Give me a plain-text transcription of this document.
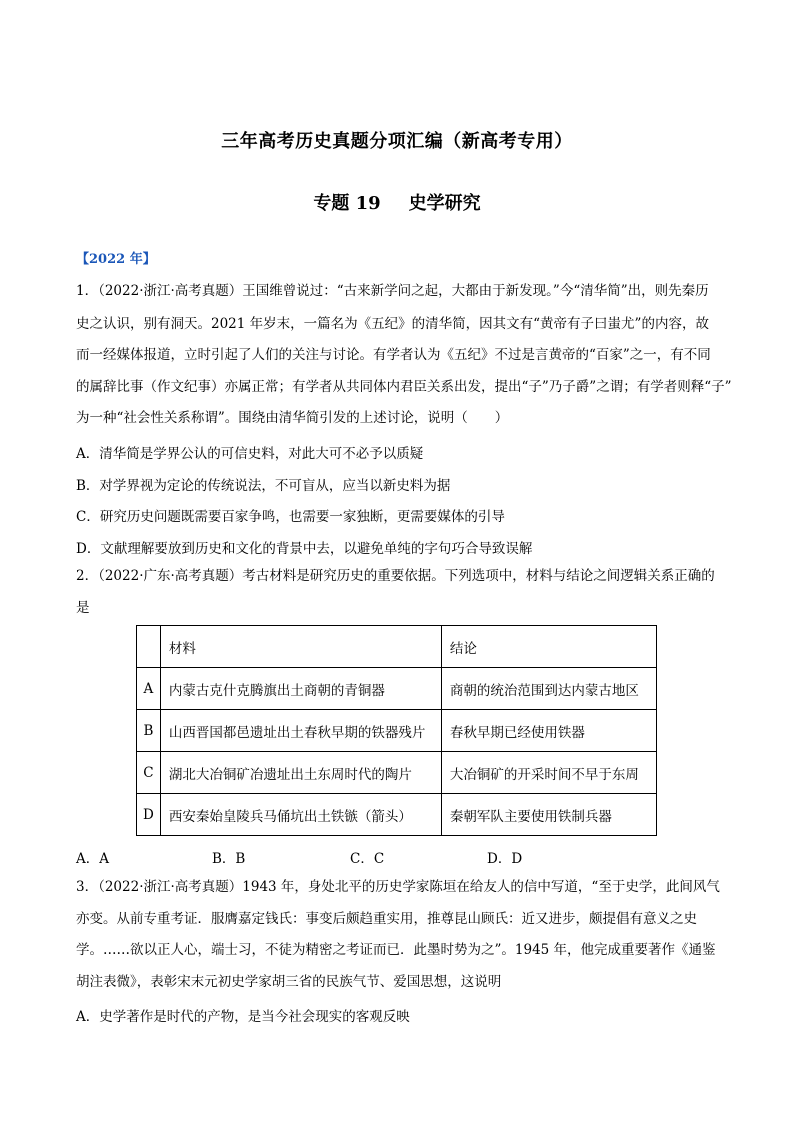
三年高考历史真题分项汇编（新高考专用）
专题 19 史学研究
【2022 年】
1．（2022·浙江·高考真题）王国维曾说过：“古来新学问之起，大都由于新发现。”今“清华简”出，则先秦历
史之认识，别有洞天。2021 年岁末，一篇名为《五纪》的清华简，因其文有“黄帝有子曰蚩尤”的内容，故
而一经媒体报道，立时引起了人们的关注与讨论。有学者认为《五纪》不过是言黄帝的“百家”之一，有不同
的属辞比事（作文纪事）亦属正常；有学者从共同体内君臣关系出发，提出“子”乃子爵”之谓；有学者则释“子”
为一种“社会性关系称谓”。围绕由清华简引发的上述讨论，说明（　　）
A．清华简是学界公认的可信史料，对此大可不必予以质疑
B．对学界视为定论的传统说法，不可盲从，应当以新史料为据
C．研究历史问题既需要百家争鸣，也需要一家独断，更需要媒体的引导
D．文献理解要放到历史和文化的背景中去，以避免单纯的字句巧合导致误解
2．（2022·广东·高考真题）考古材料是研究历史的重要依据。下列选项中，材料与结论之间逻辑关系正确的
是
	材料	结论
A	内蒙古克什克腾旗出土商朝的青铜器	商朝的统治范围到达内蒙古地区
B	山西晋国都邑遗址出土春秋早期的铁器残片	春秋早期已经使用铁器
C	湖北大冶铜矿冶遗址出土东周时代的陶片	大冶铜矿的开采时间不早于东周
D	西安秦始皇陵兵马俑坑出土铁镞（箭头）	秦朝军队主要使用铁制兵器
A．A	B．B	C．C	D．D
3．（2022·浙江·高考真题）1943 年，身处北平的历史学家陈垣在给友人的信中写道，“至于史学，此间风气
亦变。从前专重考证．服膺嘉定钱氏：事变后颇趋重实用，推尊昆山顾氏：近又进步，颇提倡有意义之史
学。……欲以正人心，端士习，不徒为精密之考证而已．此墨时势为之”。1945 年，他完成重要著作《通鉴
胡注表微》，表彰宋末元初史学家胡三省的民族气节、爱国思想，这说明
A．史学著作是时代的产物，是当今社会现实的客观反映
